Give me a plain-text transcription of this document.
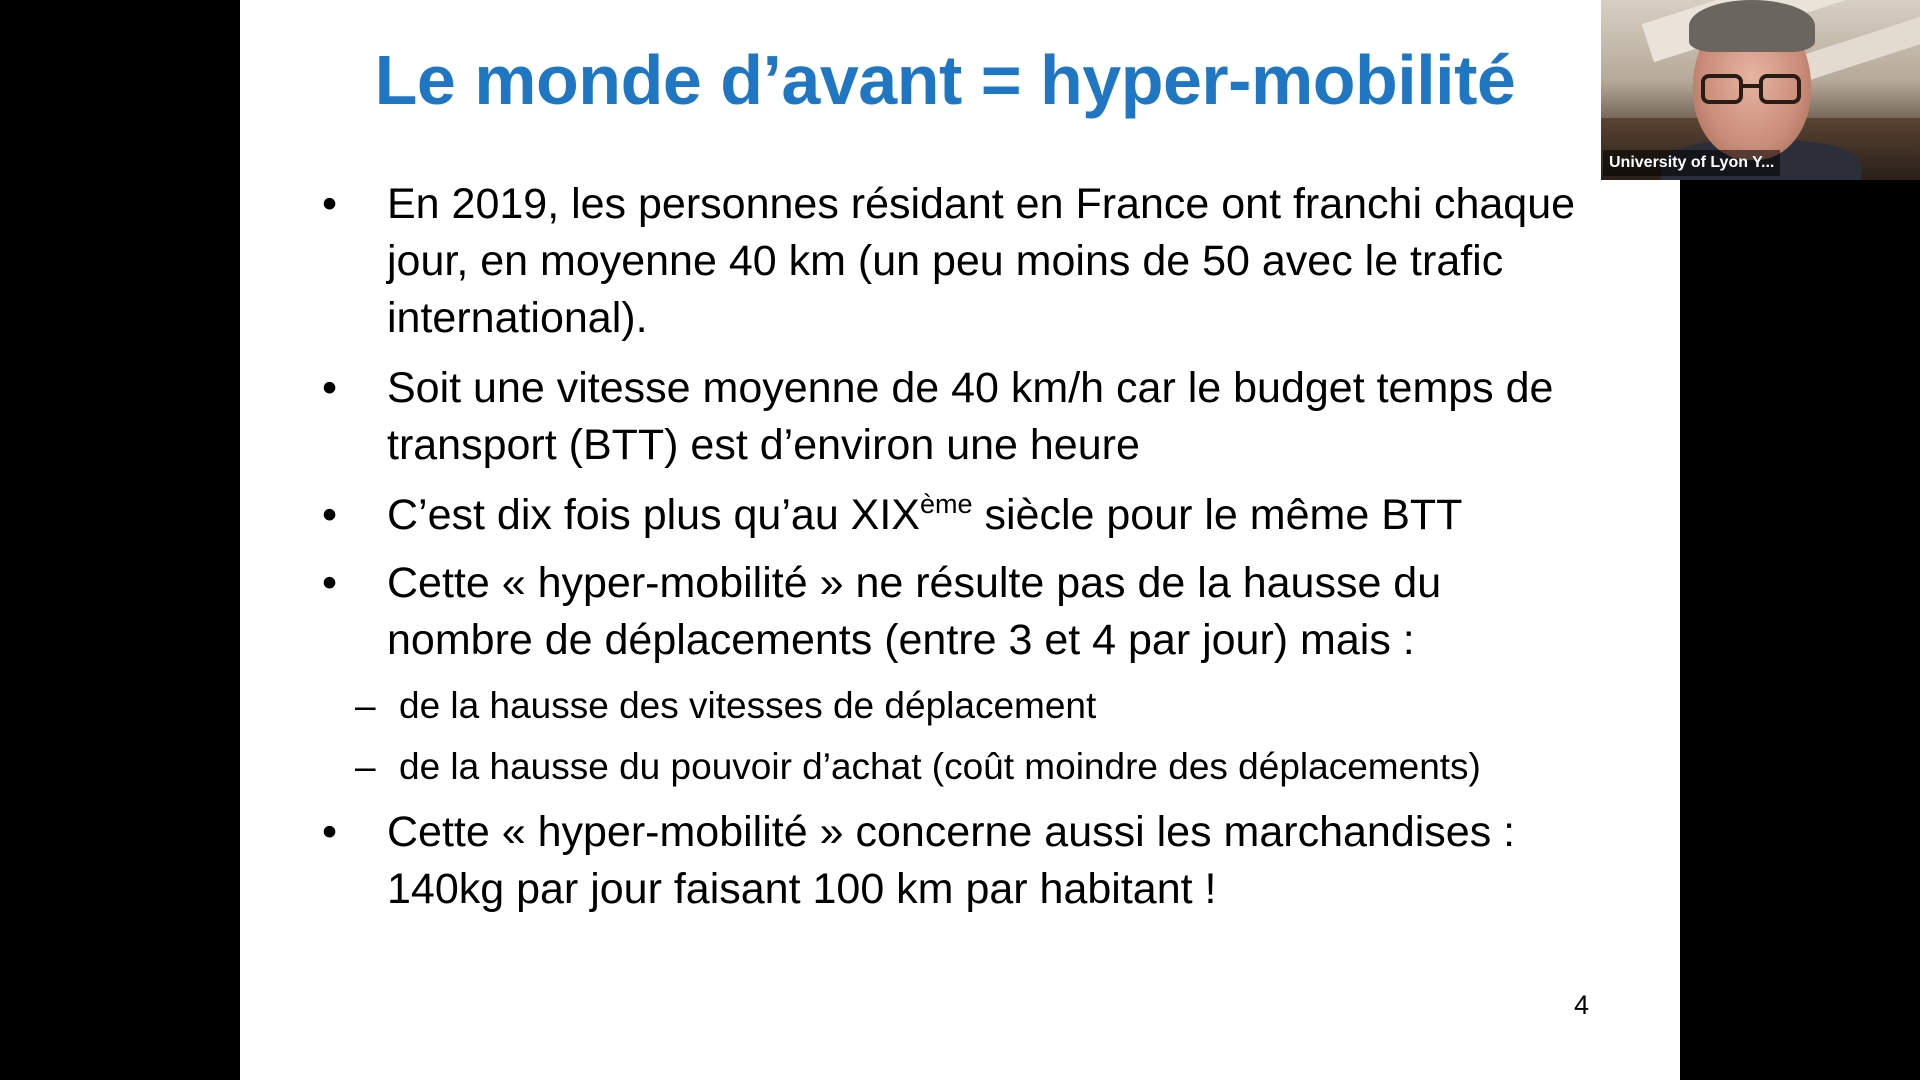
Le monde d’avant = hyper-mobilité
•	En 2019, les personnes résidant en France ont franchi chaque
jour, en moyenne 40 km (un peu moins de 50 avec le trafic
international).
•	Soit une vitesse moyenne de 40 km/h car le budget temps de
transport (BTT) est d’environ une heure
•	C’est dix fois plus qu’au XIXème siècle pour le même BTT
•	Cette « hyper-mobilité » ne résulte pas de la hausse du
nombre de déplacements (entre 3 et 4 par jour) mais :
– de la hausse des vitesses de déplacement
– de la hausse du pouvoir d’achat (coût moindre des déplacements)
•	Cette « hyper-mobilité » concerne aussi les marchandises :
140kg par jour faisant 100 km par habitant !
4
University of Lyon Y...
